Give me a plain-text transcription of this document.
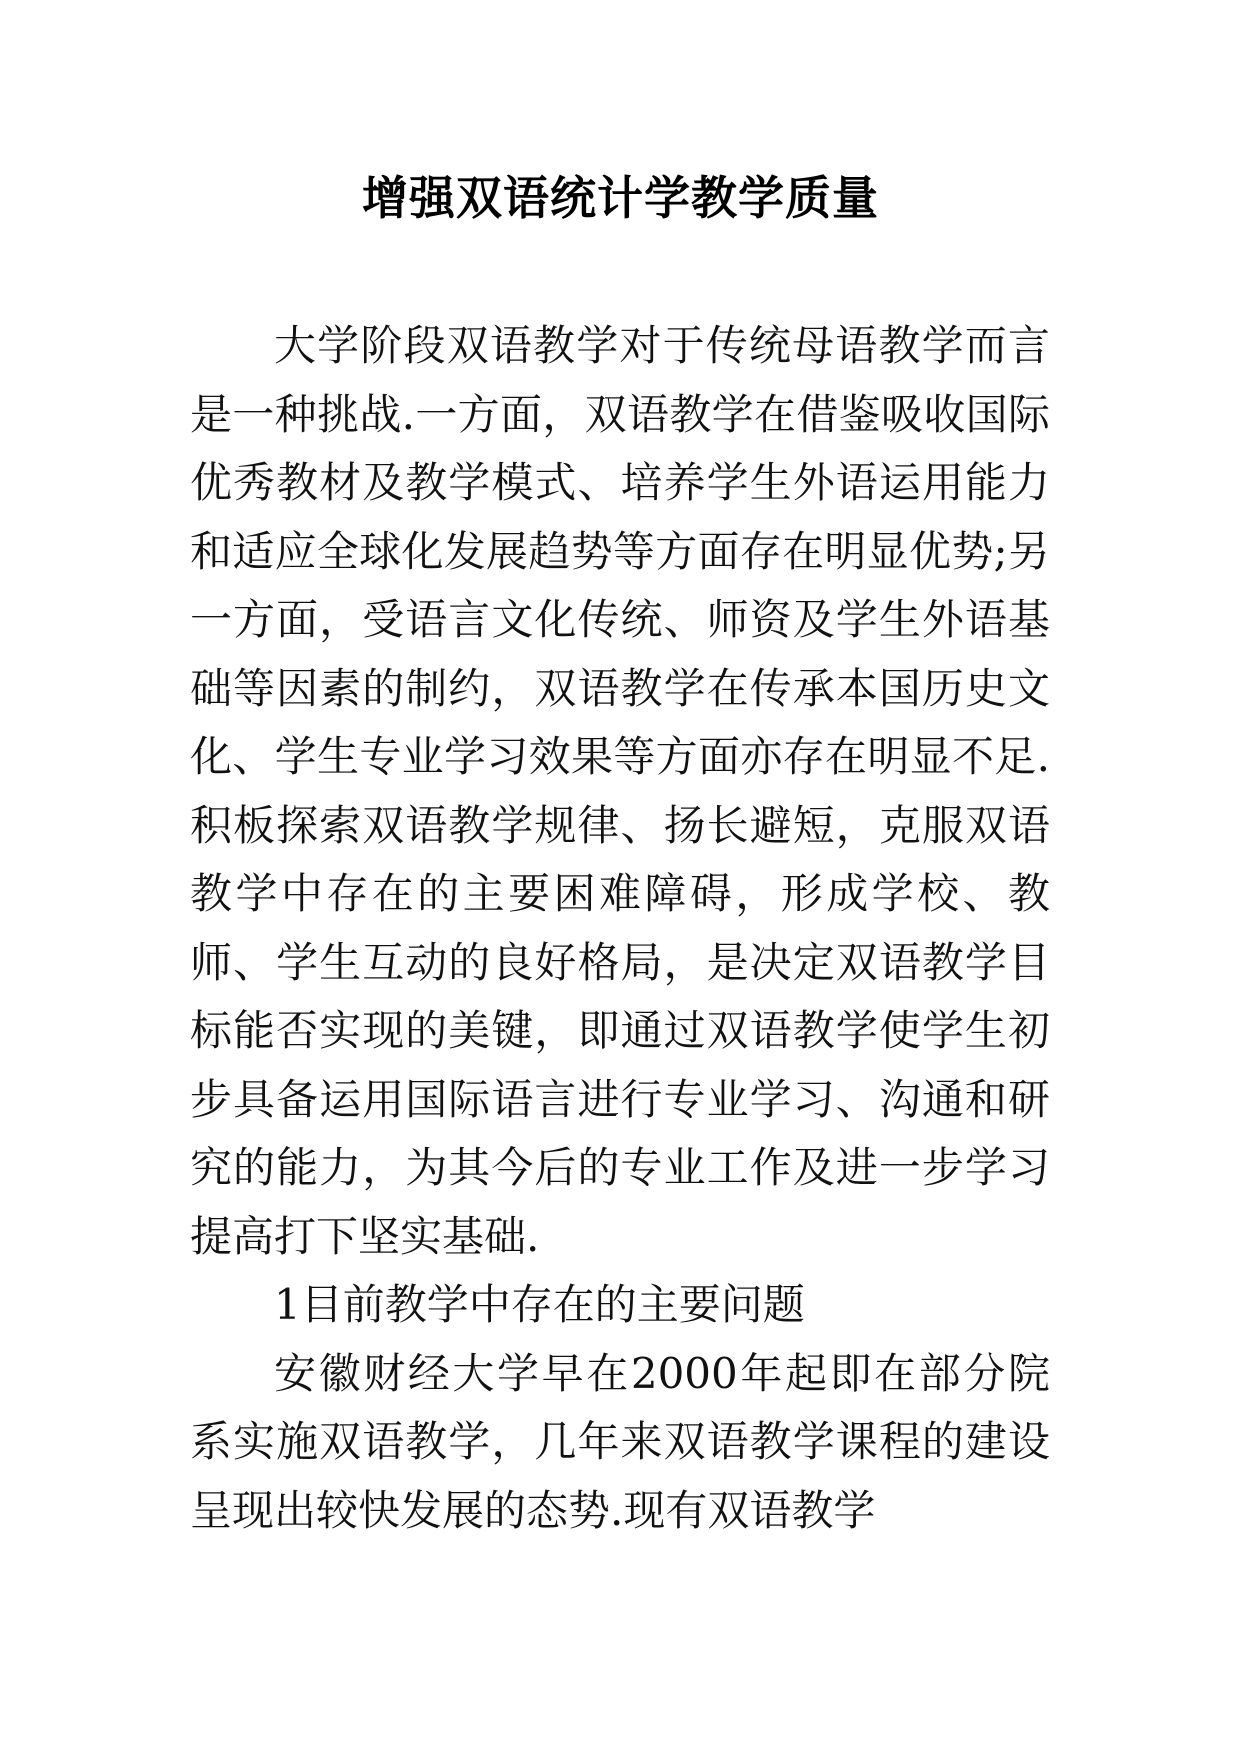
增强双语统计学教学质量

大学阶段双语教学对于传统母语教学而言是一种挑战.一方面，双语教学在借鉴吸收国际优秀教材及教学模式、培养学生外语运用能力和适应全球化发展趋势等方面存在明显优势;另一方面，受语言文化传统、师资及学生外语基础等因素的制约，双语教学在传承本国历史文化、学生专业学习效果等方面亦存在明显不足.积板探索双语教学规律、扬长避短，克服双语教学中存在的主要困难障碍，形成学校、教师、学生互动的良好格局，是决定双语教学目标能否实现的美键，即通过双语教学使学生初步具备运用国际语言进行专业学习、沟通和研究的能力，为其今后的专业工作及进一步学习提高打下坚实基础.

1目前教学中存在的主要问题

安徽财经大学早在2000年起即在部分院系实施双语教学，几年来双语教学课程的建设呈现出较快发展的态势.现有双语教学
